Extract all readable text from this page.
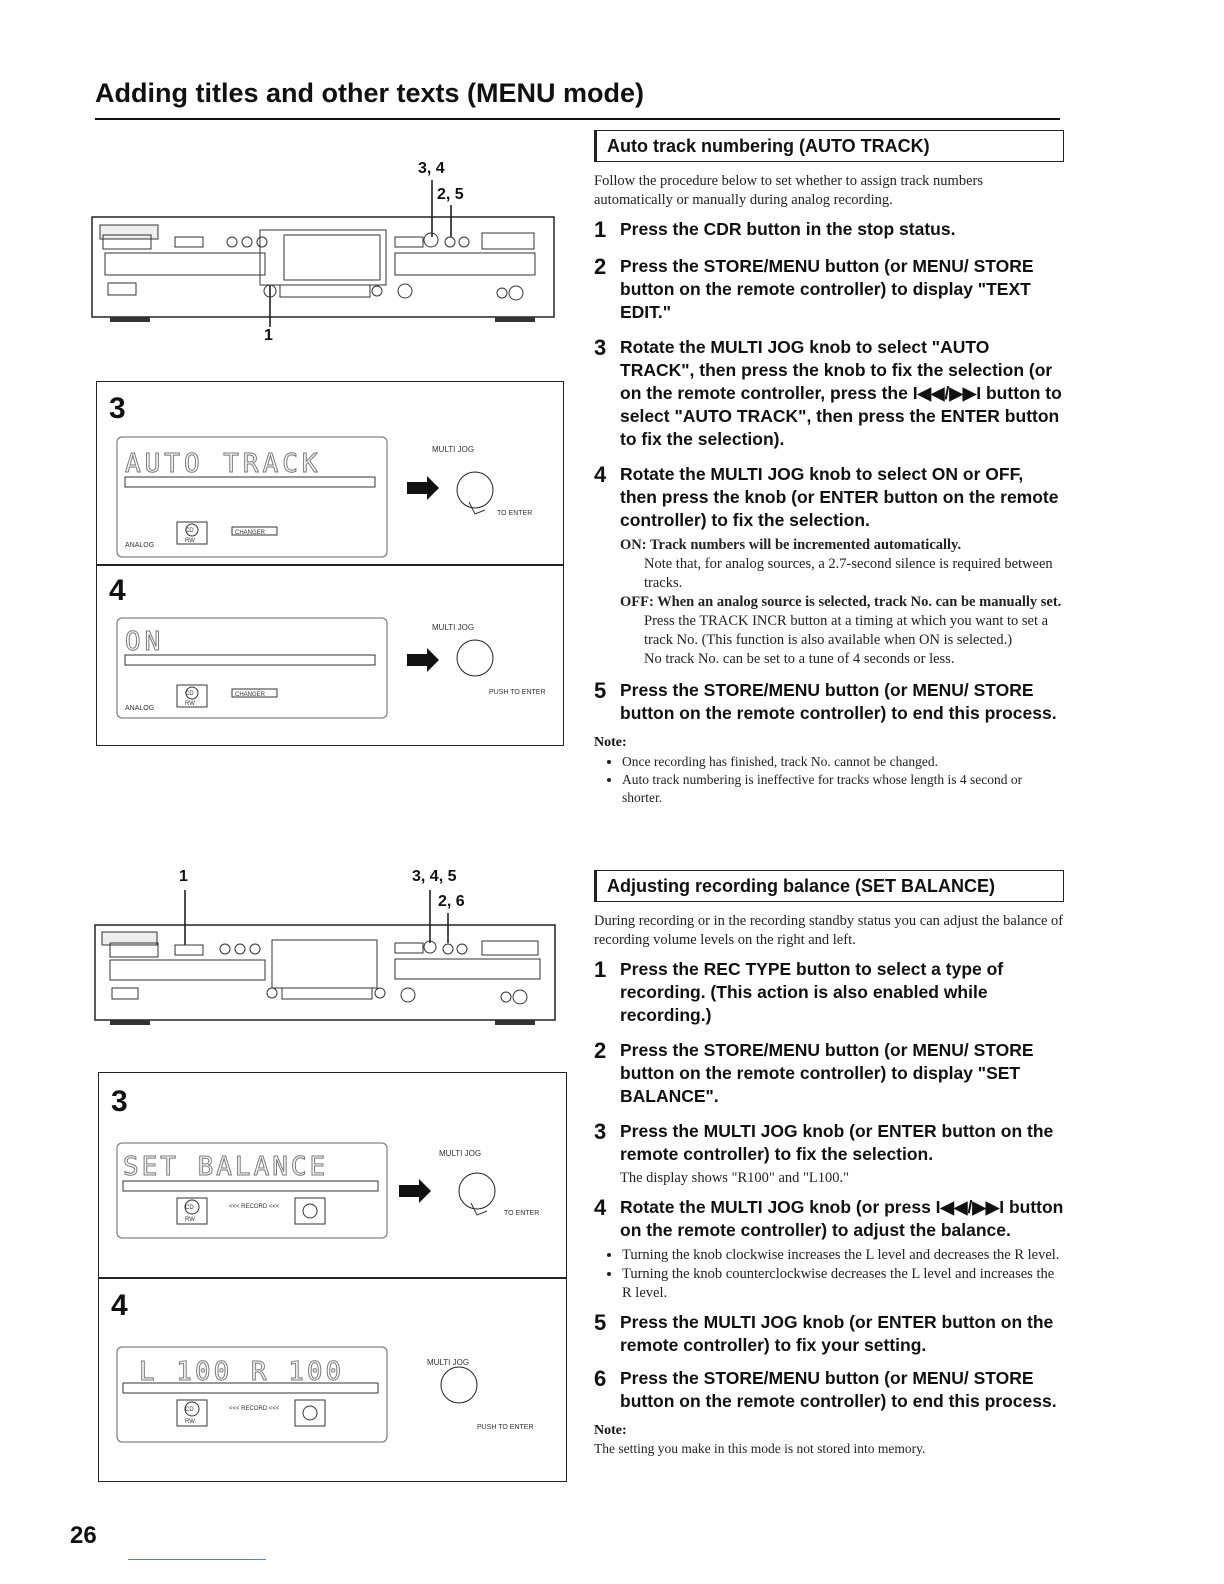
Adding titles and other texts (MENU mode)
3, 4
2, 5
1
3
AUTO TRACK
ANALOG
CD
RW
CHANGER
MULTI JOG
TO ENTER
4
ON
ANALOG
CD
RW
CHANGER
MULTI JOG
PUSH TO ENTER
1	3, 4, 5
2, 6
3
SET BALANCE
CD
RW
<<< RECORD <<<
MULTI JOG
TO ENTER
4
L 100 R 100
CD
RW
<<< RECORD <<<
MULTI JOG
PUSH TO ENTER
Auto track numbering (AUTO TRACK)
Follow the procedure below to set whether to assign track numbers automatically or manually during analog recording.
1 Press the CDR button in the stop status.
2 Press the STORE/MENU button (or MENU/ STORE button on the remote controller) to display "TEXT EDIT."
3 Rotate the MULTI JOG knob to select "AUTO TRACK", then press the knob to fix the selection (or on the remote controller, press the I◀◀/▶▶I button to select "AUTO TRACK", then press the ENTER button to fix the selection).
4 Rotate the MULTI JOG knob to select ON or OFF, then press the knob (or ENTER button on the remote controller) to fix the selection.
ON: Track numbers will be incremented automatically.
Note that, for analog sources, a 2.7-second silence is required between tracks.
OFF: When an analog source is selected, track No. can be manually set.
Press the TRACK INCR button at a timing at which you want to set a track No. (This function is also available when ON is selected.)
No track No. can be set to a tune of 4 seconds or less.
5 Press the STORE/MENU button (or MENU/ STORE button on the remote controller) to end this process.
Note:
• Once recording has finished, track No. cannot be changed.
• Auto track numbering is ineffective for tracks whose length is 4 second or shorter.
Adjusting recording balance (SET BALANCE)
During recording or in the recording standby status you can adjust the balance of recording volume levels on the right and left.
1 Press the REC TYPE button to select a type of recording. (This action is also enabled while recording.)
2 Press the STORE/MENU button (or MENU/ STORE button on the remote controller) to display "SET BALANCE".
3 Press the MULTI JOG knob (or ENTER button on the remote controller) to fix the selection.
The display shows "R100" and "L100."
4 Rotate the MULTI JOG knob (or press I◀◀/▶▶I button on the remote controller) to adjust the balance.
• Turning the knob clockwise increases the L level and decreases the R level.
• Turning the knob counterclockwise decreases the L level and increases the R level.
5 Press the MULTI JOG knob (or ENTER button on the remote controller) to fix your setting.
6 Press the STORE/MENU button (or MENU/ STORE button on the remote controller) to end this process.
Note:
The setting you make in this mode is not stored into memory.
26
